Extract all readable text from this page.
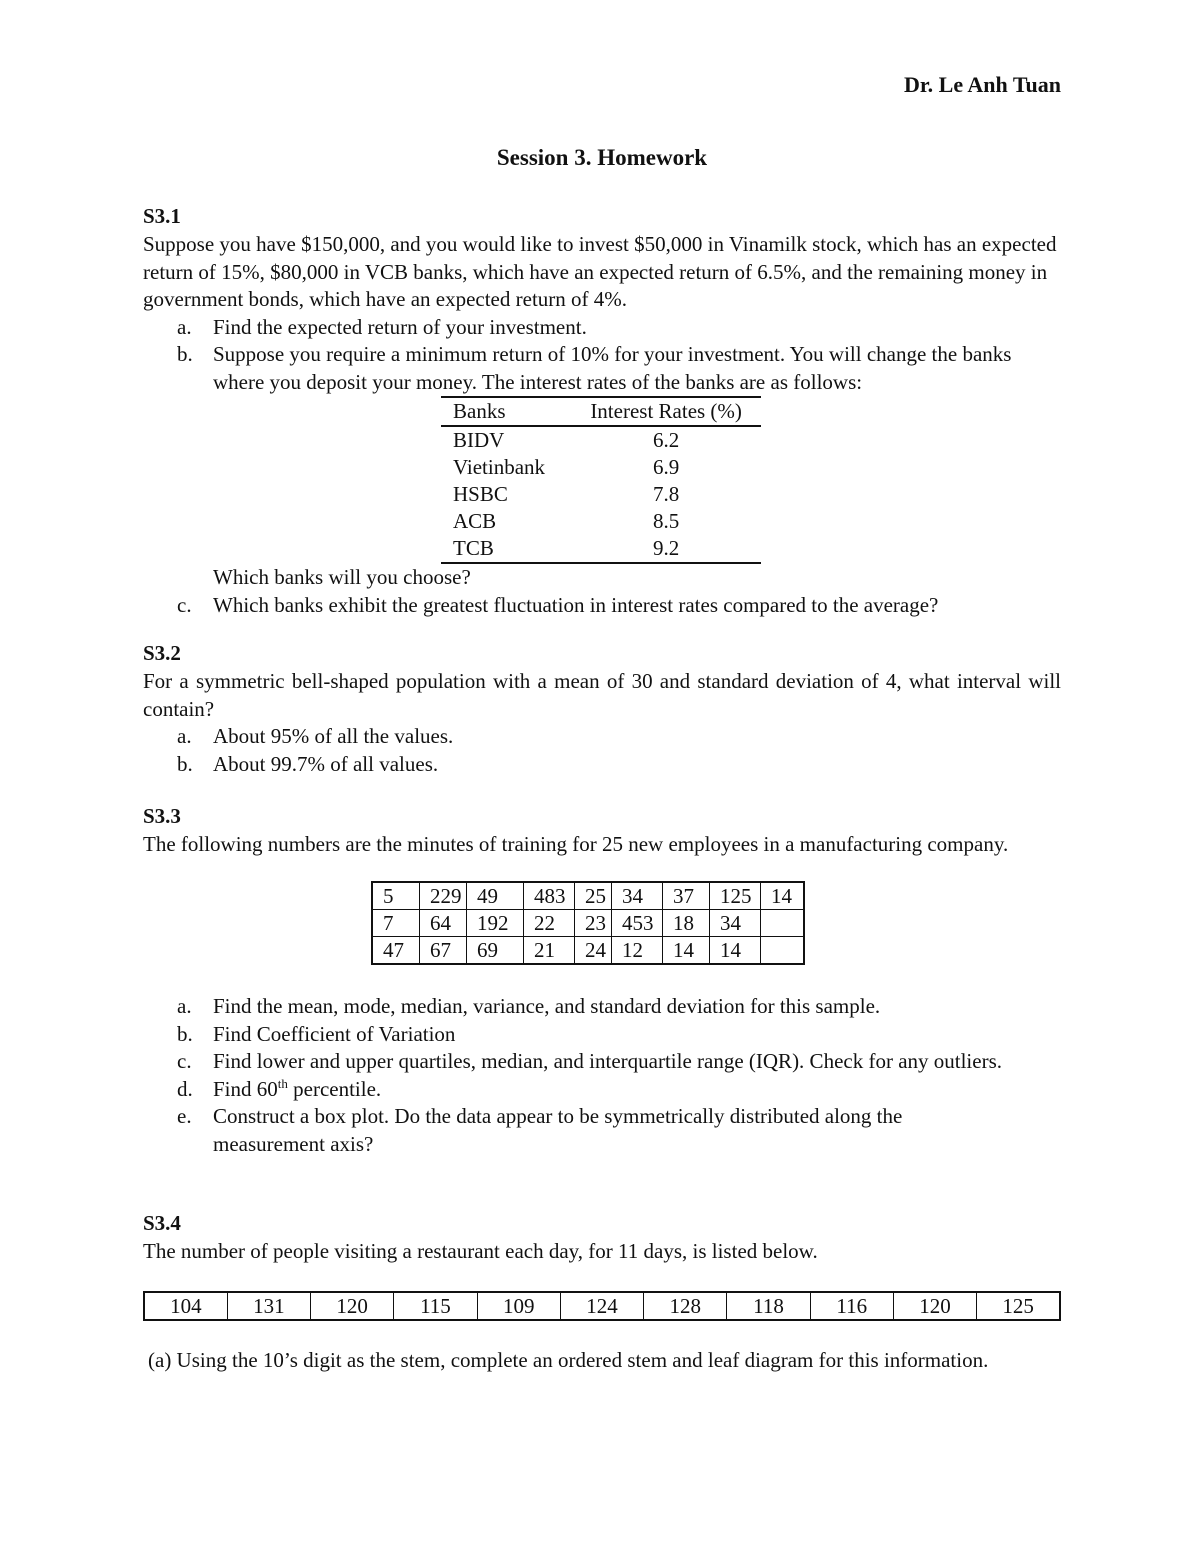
Dr. Le Anh Tuan
Session 3. Homework
S3.1
Suppose you have $150,000, and you would like to invest $50,000 in Vinamilk stock, which has an expected return of 15%, $80,000 in VCB banks, which have an expected return of 6.5%, and the remaining money in government bonds, which have an expected return of 4%.
a. Find the expected return of your investment.
b. Suppose you require a minimum return of 10% for your investment. You will change the banks where you deposit your money. The interest rates of the banks are as follows:
Banks	Interest Rates (%)
BIDV	6.2
Vietinbank	6.9
HSBC	7.8
ACB	8.5
TCB	9.2
Which banks will you choose?
c. Which banks exhibit the greatest fluctuation in interest rates compared to the average?
S3.2
For a symmetric bell-shaped population with a mean of 30 and standard deviation of 4, what interval will contain?
a. About 95% of all the values.
b. About 99.7% of all values.
S3.3
The following numbers are the minutes of training for 25 new employees in a manufacturing company.
5	229	49	483	25	34	37	125	14
7	64	192	22	23	453	18	34	
47	67	69	21	24	12	14	14	
a. Find the mean, mode, median, variance, and standard deviation for this sample.
b. Find Coefficient of Variation
c. Find lower and upper quartiles, median, and interquartile range (IQR). Check for any outliers.
d. Find 60th percentile.
e. Construct a box plot. Do the data appear to be symmetrically distributed along the measurement axis?
S3.4
The number of people visiting a restaurant each day, for 11 days, is listed below.
104	131	120	115	109	124	128	118	116	120	125
(a) Using the 10’s digit as the stem, complete an ordered stem and leaf diagram for this information.
